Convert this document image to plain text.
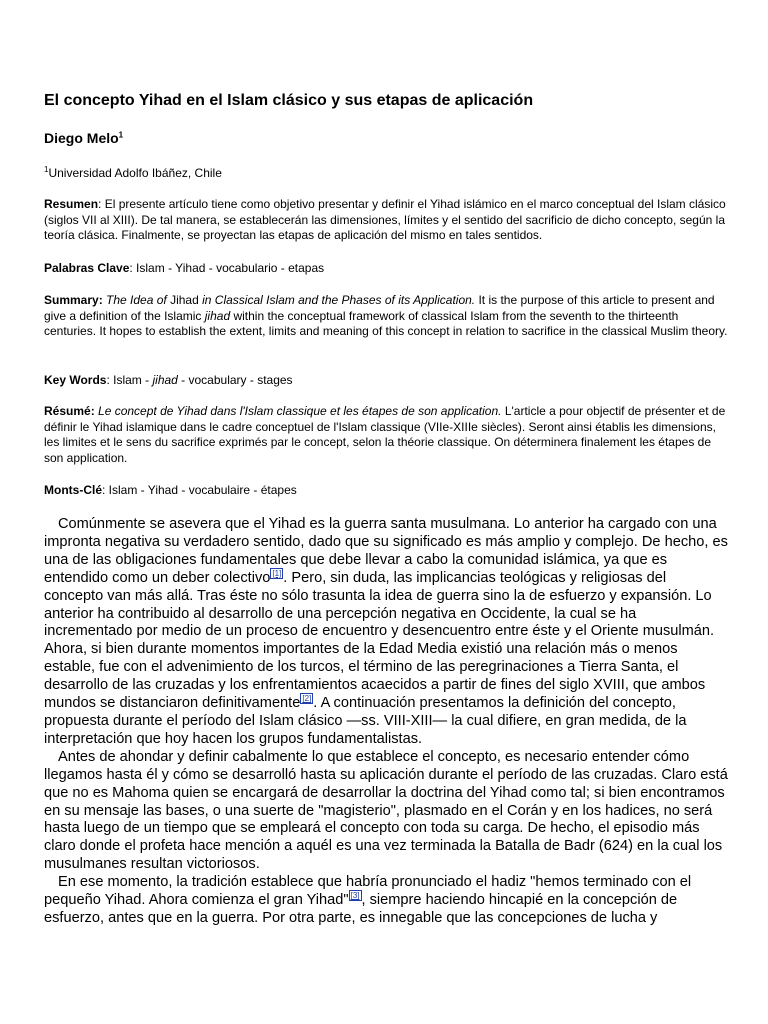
El concepto Yihad en el Islam clásico y sus etapas de aplicación
Diego Melo$^1$
$^1$Universidad Adolfo Ibáñez, Chile

Resumen: El presente artículo tiene como objetivo presentar y definir el Yihad islámico en el marco conceptual del Islam clásico (siglos VII al XIII). De tal manera, se establecerán las dimensiones, límites y el sentido del sacrificio de dicho concepto, según la teoría clásica. Finalmente, se proyectan las etapas de aplicación del mismo en tales sentidos.

Palabras Clave: Islam - Yihad - vocabulario - etapas

Summary: The Idea of Jihad in Classical Islam and the Phases of its Application. It is the purpose of this article to present and give a definition of the Islamic jihad within the conceptual framework of classical Islam from the seventh to the thirteenth centuries. It hopes to establish the extent, limits and meaning of this concept in relation to sacrifice in the classical Muslim theory.

Key Words: Islam - jihad - vocabulary - stages

Résumé: Le concept de Yihad dans l'Islam classique et les étapes de son application. L'article a pour objectif de présenter et de définir le Yihad islamique dans le cadre conceptuel de l'Islam classique (VIIe-XIIIe siècles). Seront ainsi établis les dimensions, les limites et le sens du sacrifice exprimés par le concept, selon la théorie classique. On déterminera finalement les étapes de son application.

Monts-Clé: Islam - Yihad - vocabulaire - étapes

Comúnmente se asevera que el Yihad es la guerra santa musulmana. Lo anterior ha cargado con una impronta negativa su verdadero sentido, dado que su significado es más amplio y complejo. De hecho, es una de las obligaciones fundamentales que debe llevar a cabo la comunidad islámica, ya que es entendido como un deber colectivo [1] . Pero, sin duda, las implicancias teológicas y religiosas del concepto van más allá. Tras éste no sólo trasunta la idea de guerra sino la de esfuerzo y expansión. Lo anterior ha contribuido al desarrollo de una percepción negativa en Occidente, la cual se ha incrementado por medio de un proceso de encuentro y desencuentro entre éste y el Oriente musulmán. Ahora, si bien durante momentos importantes de la Edad Media existió una relación más o menos estable, fue con el advenimiento de los turcos, el término de las peregrinaciones a Tierra Santa, el desarrollo de las cruzadas y los enfrentamientos acaecidos a partir de fines del siglo XVIII, que ambos mundos se distanciaron definitivamente [2] . A continuación presentamos la definición del concepto, propuesta durante el período del Islam clásico —ss. VIII-XIII— la cual difiere, en gran medida, de la interpretación que hoy hacen los grupos fundamentalistas.

Antes de ahondar y definir cabalmente lo que establece el concepto, es necesario entender cómo llegamos hasta él y cómo se desarrolló hasta su aplicación durante el período de las cruzadas. Claro está que no es Mahoma quien se encargará de desarrollar la doctrina del Yihad como tal; si bien encontramos en su mensaje las bases, o una suerte de "magisterio", plasmado en el Corán y en los hadices, no será hasta luego de un tiempo que se empleará el concepto con toda su carga. De hecho, el episodio más claro donde el profeta hace mención a aquél es una vez terminada la Batalla de Badr (624) en la cual los musulmanes resultan victoriosos.

En ese momento, la tradición establece que habría pronunciado el hadiz "hemos terminado con el pequeño Yihad. Ahora comienza el gran Yihad" [3] , siempre haciendo hincapié en la concepción de esfuerzo, antes que en la guerra. Por otra parte, es innegable que las concepciones de lucha y
